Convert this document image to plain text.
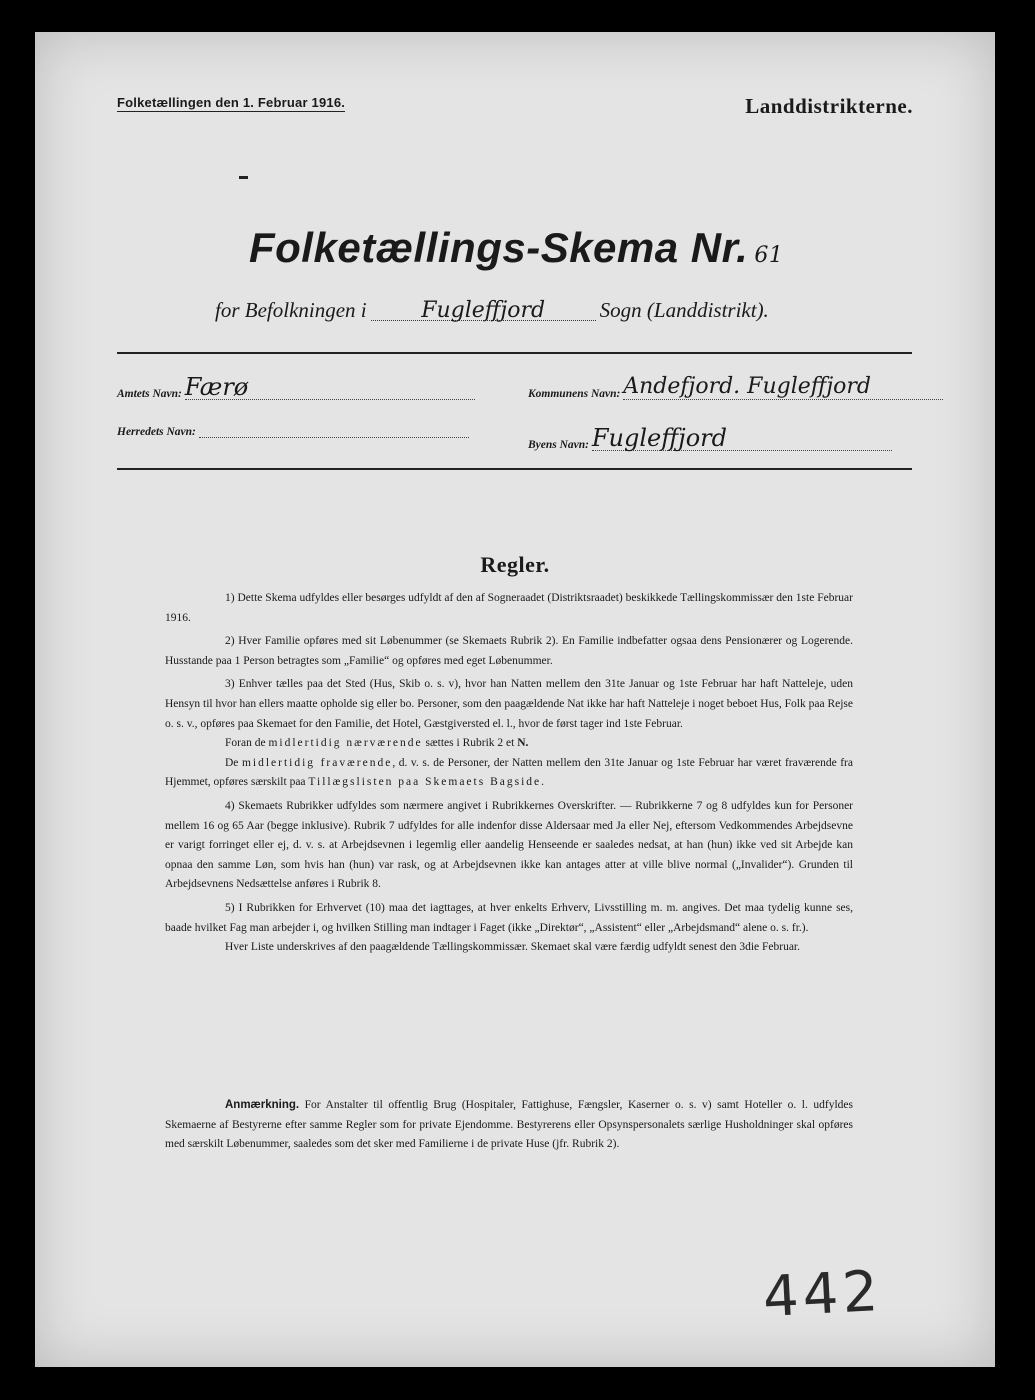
Folketællingen den 1. Februar 1916.	Landdistrikterne.
Folketællings-Skema Nr. 61
for Befolkningen i Fugleffjord	Sogn (Landdistrikt).
Amtets Navn: Færø	Kommunens Navn: Andefjord. Fugleffjord
Herredets Navn:
Byens Navn: Fugleffjord
Regler.

1) Dette Skema udfyldes eller besørges udfyldt af den af Sogneraadet (Distriktsraadet) beskikkede Tællingskommissær den 1ste Februar 1916.

2) Hver Familie opføres med sit Løbenummer (se Skemaets Rubrik 2). En Familie indbefatter ogsaa dens Pensionærer og Logerende. Husstande paa 1 Person betragtes som „Familie“ og opføres med eget Løbenummer.

3) Enhver tælles paa det Sted (Hus, Skib o. s. v), hvor han Natten mellem den 31te Januar og 1ste Februar har haft Natteleje, uden Hensyn til hvor han ellers maatte opholde sig eller bo. Personer, som den paagældende Nat ikke har haft Natteleje i noget beboet Hus, Folk paa Rejse o. s. v., opføres paa Skemaet for den Familie, det Hotel, Gæstgiversted el. l., hvor de først tager ind 1ste Februar.

Foran de midlertidig nærværende sættes i Rubrik 2 et N.

De midlertidig fraværende, d. v. s. de Personer, der Natten mellem den 31te Januar og 1ste Februar har været fraværende fra Hjemmet, opføres særskilt paa Tillægslisten paa Skemaets Bagside.

4) Skemaets Rubrikker udfyldes som nærmere angivet i Rubrikkernes Overskrifter. — Rubrikkerne 7 og 8 udfyldes kun for Personer mellem 16 og 65 Aar (begge inklusive). Rubrik 7 udfyldes for alle indenfor disse Aldersaar med Ja eller Nej, eftersom Vedkommendes Arbejdsevne er varigt forringet eller ej, d. v. s. at Arbejdsevnen i legemlig eller aandelig Henseende er saaledes nedsat, at han (hun) ikke ved sit Arbejde kan opnaa den samme Løn, som hvis han (hun) var rask, og at Arbejdsevnen ikke kan antages atter at ville blive normal („Invalider“). Grunden til Arbejdsevnens Nedsættelse anføres i Rubrik 8.

5) I Rubrikken for Erhvervet (10) maa det iagttages, at hver enkelts Erhverv, Livsstilling m. m. angives. Det maa tydelig kunne ses, baade hvilket Fag man arbejder i, og hvilken Stilling man indtager i Faget (ikke „Direktør“, „Assistent“ eller „Arbejdsmand“ alene o. s. fr.).

Hver Liste underskrives af den paagældende Tællingskommissær. Skemaet skal være færdig udfyldt senest den 3die Februar.

Anmærkning. For Anstalter til offentlig Brug (Hospitaler, Fattighuse, Fængsler, Kaserner o. s. v) samt Hoteller o. l. udfyldes Skemaerne af Bestyrerne efter samme Regler som for private Ejendomme. Bestyrerens eller Opsynspersonalets særlige Husholdninger skal opføres med særskilt Løbenummer, saaledes som det sker med Familierne i de private Huse (jfr. Rubrik 2).

442
